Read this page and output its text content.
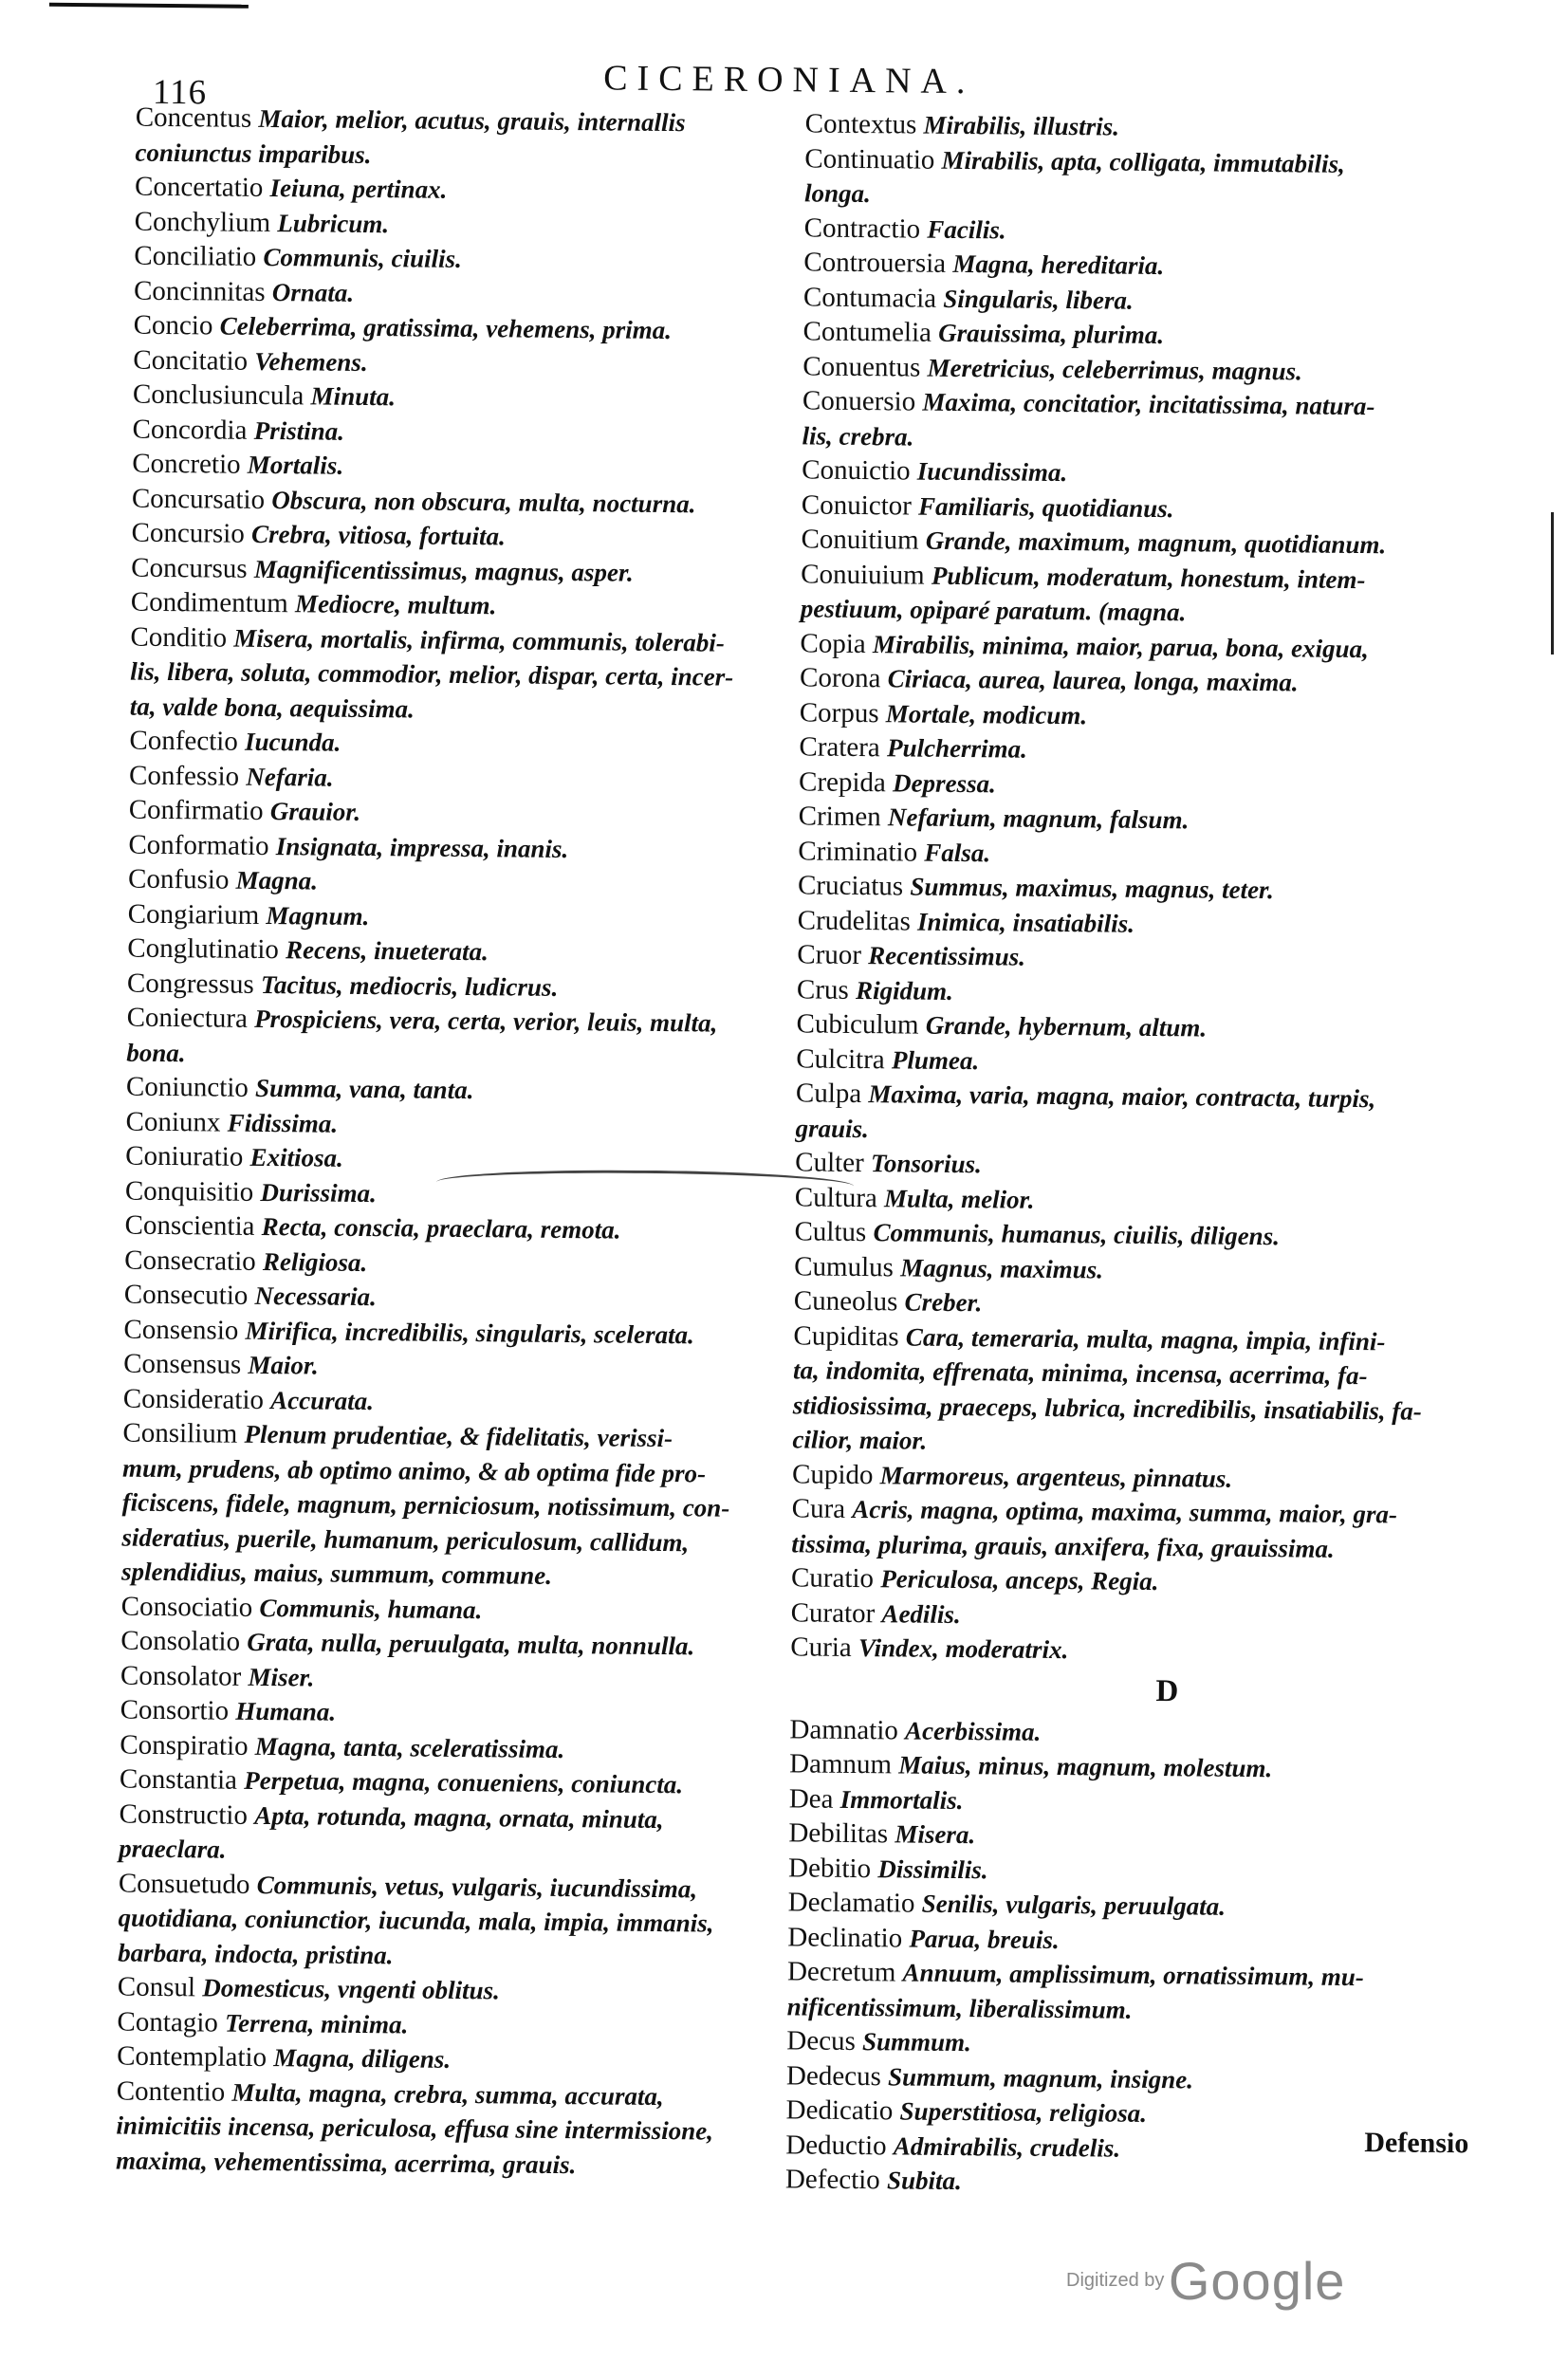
116	CICERONIANA.
Concentus Maior, melior, acutus, grauis, internallis
coniunctus imparibus.
Concertatio Ieiuna, pertinax.
Conchylium Lubricum.
Conciliatio Communis, ciuilis.
Concinnitas Ornata.
Concio Celeberrima, gratissima, vehemens, prima.
Concitatio Vehemens.
Conclusiuncula Minuta.
Concordia Pristina.
Concretio Mortalis.
Concursatio Obscura, non obscura, multa, nocturna.
Concursio Crebra, vitiosa, fortuita.
Concursus Magnificentissimus, magnus, asper.
Condimentum Mediocre, multum.
Conditio Misera, mortalis, infirma, communis, tolerabi-
lis, libera, soluta, commodior, melior, dispar, certa, incer-
ta, valde bona, aequissima.
Confectio Iucunda.
Confessio Nefaria.
Confirmatio Grauior.
Conformatio Insignata, impressa, inanis.
Confusio Magna.
Congiarium Magnum.
Conglutinatio Recens, inueterata.
Congressus Tacitus, mediocris, ludicrus.
Coniectura Prospiciens, vera, certa, verior, leuis, multa,
bona.
Coniunctio Summa, vana, tanta.
Coniunx Fidissima.
Coniuratio Exitiosa.
Conquisitio Durissima.
Conscientia Recta, conscia, praeclara, remota.
Consecratio Religiosa.
Consecutio Necessaria.
Consensio Mirifica, incredibilis, singularis, scelerata.
Consensus Maior.
Consideratio Accurata.
Consilium Plenum prudentiae, & fidelitatis, verissi-
mum, prudens, ab optimo animo, & ab optima fide pro-
ficiscens, fidele, magnum, perniciosum, notissimum, con-
sideratius, puerile, humanum, periculosum, callidum,
splendidius, maius, summum, commune.
Consociatio Communis, humana.
Consolatio Grata, nulla, peruulgata, multa, nonnulla.
Consolator Miser.
Consortio Humana.
Conspiratio Magna, tanta, sceleratissima.
Constantia Perpetua, magna, conueniens, coniuncta.
Constructio Apta, rotunda, magna, ornata, minuta,
praeclara.
Consuetudo Communis, vetus, vulgaris, iucundissima,
quotidiana, coniunctior, iucunda, mala, impia, immanis,
barbara, indocta, pristina.
Consul Domesticus, vngenti oblitus.
Contagio Terrena, minima.
Contemplatio Magna, diligens.
Contentio Multa, magna, crebra, summa, accurata,
inimicitiis incensa, periculosa, effusa sine intermissione,
maxima, vehementissima, acerrima, grauis.
Contextus Mirabilis, illustris.
Continuatio Mirabilis, apta, colligata, immutabilis,
longa.
Contractio Facilis.
Controuersia Magna, hereditaria.
Contumacia Singularis, libera.
Contumelia Grauissima, plurima.
Conuentus Meretricius, celeberrimus, magnus.
Conuersio Maxima, concitatior, incitatissima, natura-
lis, crebra.
Conuictio Iucundissima.
Conuictor Familiaris, quotidianus.
Conuitium Grande, maximum, magnum, quotidianum.
Conuiuium Publicum, moderatum, honestum, intem-
pestiuum, opiparé paratum. (magna.
Copia Mirabilis, minima, maior, parua, bona, exigua,
Corona Ciriaca, aurea, laurea, longa, maxima.
Corpus Mortale, modicum.
Cratera Pulcherrima.
Crepida Depressa.
Crimen Nefarium, magnum, falsum.
Criminatio Falsa.
Cruciatus Summus, maximus, magnus, teter.
Crudelitas Inimica, insatiabilis.
Cruor Recentissimus.
Crus Rigidum.
Cubiculum Grande, hybernum, altum.
Culcitra Plumea.
Culpa Maxima, varia, magna, maior, contracta, turpis,
grauis.
Culter Tonsorius.
Cultura Multa, melior.
Cultus Communis, humanus, ciuilis, diligens.
Cumulus Magnus, maximus.
Cuneolus Creber.
Cupiditas Cara, temeraria, multa, magna, impia, infini-
ta, indomita, effrenata, minima, incensa, acerrima, fa-
stidiosissima, praeceps, lubrica, incredibilis, insatiabilis, fa-
cilior, maior.
Cupido Marmoreus, argenteus, pinnatus.
Cura Acris, magna, optima, maxima, summa, maior, gra-
tissima, plurima, grauis, anxifera, fixa, grauissima.
Curatio Periculosa, anceps, Regia.
Curator Aedilis.
Curia Vindex, moderatrix.
D
Damnatio Acerbissima.
Damnum Maius, minus, magnum, molestum.
Dea Immortalis.
Debilitas Misera.
Debitio Dissimilis.
Declamatio Senilis, vulgaris, peruulgata.
Declinatio Parua, breuis.
Decretum Annuum, amplissimum, ornatissimum, mu-
nificentissimum, liberalissimum.
Decus Summum.
Dedecus Summum, magnum, insigne.
Dedicatio Superstitiosa, religiosa.
Deductio Admirabilis, crudelis.
Defectio Subita.
Defensio
Digitized by Google
